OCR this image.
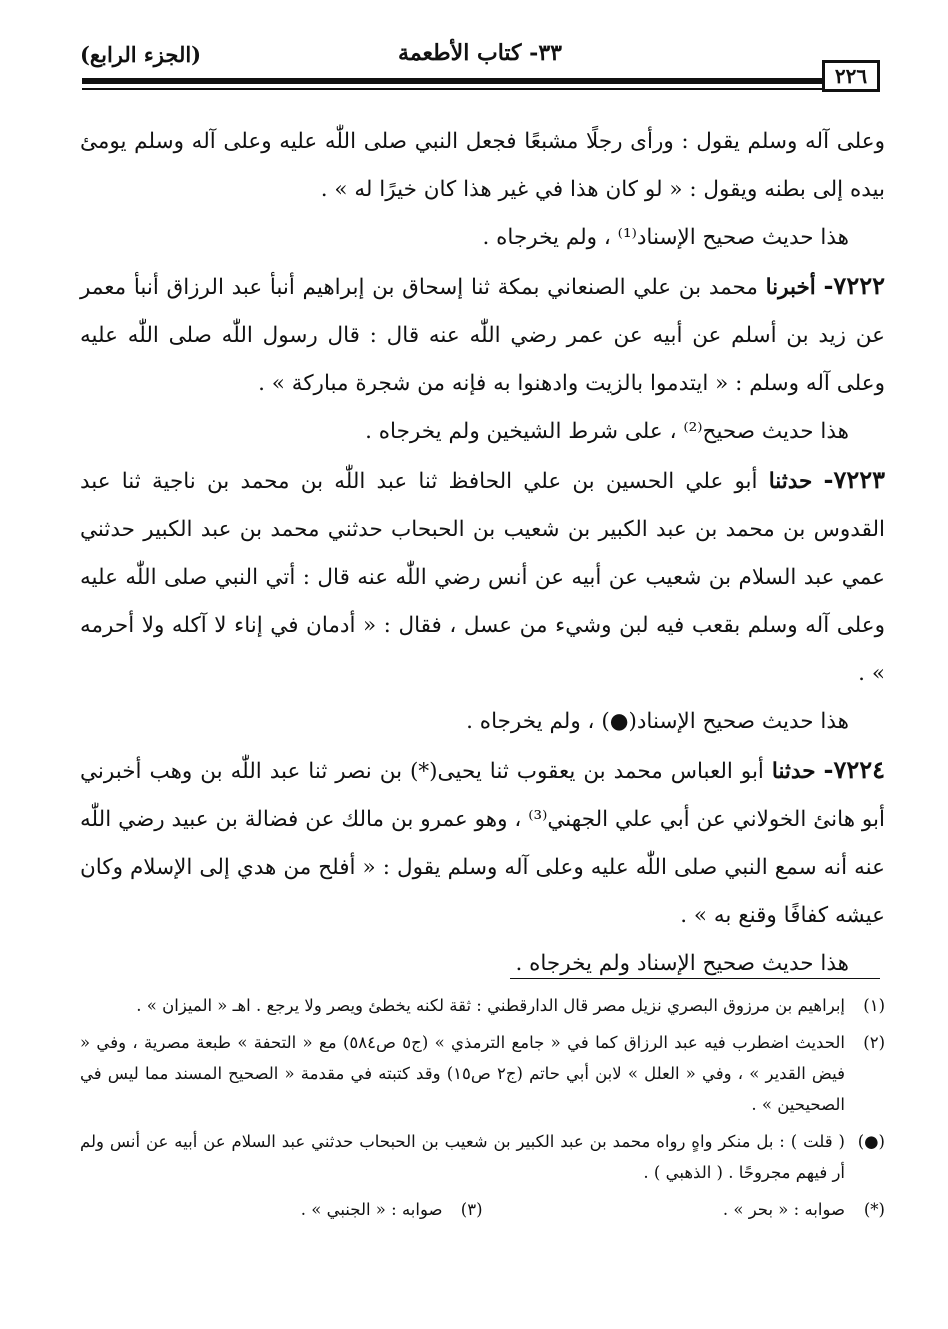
(الجزء الرابع)	٣٣- كتاب الأطعمة
٢٢٦

وعلى آله وسلم يقول : ورأى رجلًا مشبعًا فجعل النبي صلى اللّٰه عليه وعلى آله وسلم يومئ بيده إلى بطنه ويقول : « لو كان هذا في غير هذا كان خيرًا له » .

هذا حديث صحيح الإسناد⁽¹⁾ ، ولم يخرجاه .

٧٢٢٢- أخبرنا محمد بن علي الصنعاني بمكة ثنا إسحاق بن إبراهيم أنبأ عبد الرزاق أنبأ معمر عن زيد بن أسلم عن أبيه عن عمر رضي اللّٰه عنه قال : قال رسول اللّٰه صلى اللّٰه عليه وعلى آله وسلم : « ايتدموا بالزيت وادهنوا به فإنه من شجرة مباركة » .

هذا حديث صحيح⁽²⁾ ، على شرط الشيخين ولم يخرجاه .

٧٢٢٣- حدثنا أبو علي الحسين بن علي الحافظ ثنا عبد اللّٰه بن محمد بن ناجية ثنا عبد القدوس بن محمد بن عبد الكبير بن شعيب بن الحبحاب حدثني محمد بن عبد الكبير حدثني عمي عبد السلام بن شعيب عن أبيه عن أنس رضي اللّٰه عنه قال : أتي النبي صلى اللّٰه عليه وعلى آله وسلم بقعب فيه لبن وشيء من عسل ، فقال : « أدمان في إناء لا آكله ولا أحرمه » .

هذا حديث صحيح الإسناد(●) ، ولم يخرجاه .

٧٢٢٤- حدثنا أبو العباس محمد بن يعقوب ثنا يحيى(*) بن نصر ثنا عبد اللّٰه بن وهب أخبرني أبو هانئ الخولاني عن أبي علي الجهني⁽³⁾ ، وهو عمرو بن مالك عن فضالة بن عبيد رضي اللّٰه عنه أنه سمع النبي صلى اللّٰه عليه وعلى آله وسلم يقول : « أفلح من هدي إلى الإسلام وكان عيشه كفافًا وقنع به » .

هذا حديث صحيح الإسناد ولم يخرجاه .

(١)
إبراهيم بن مرزوق البصري نزيل مصر قال الدارقطني : ثقة لكنه يخطئ ويصر ولا يرجع . اهـ « الميزان » .
(٢)
الحديث اضطرب فيه عبد الرزاق كما في « جامع الترمذي » (ج٥ ص٥٨٤) مع « التحفة » طبعة مصرية ، وفي « فيض القدير » ، وفي « العلل » لابن أبي حاتم (ج٢ ص١٥) وقد كتبته في مقدمة « الصحيح المسند مما ليس في الصحيحين » .
(●)
( قلت ) : بل منكر واهٍ رواه محمد بن عبد الكبير بن شعيب بن الحبحاب حدثني عبد السلام عن أبيه عن أنس ولم أر فيهم مجروحًا . ( الذهبي ) .
(*)
صوابه : « بحر » .
(٣)
صوابه : « الجنبي » .
